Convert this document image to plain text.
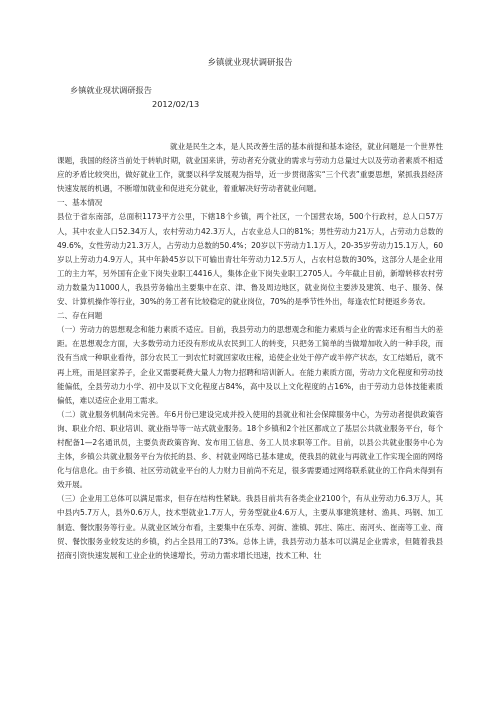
乡镇就业现状调研报告
乡镇就业现状调研报告
2012/02/13

就业是民生之本，是人民改善生活的基本前提和基本途径，就业问题是一个世界性课题，我国的经济当前处于转轨时期，就业国来讲，劳动者充分就业的需求与劳动力总量过大以及劳动者素质不相适应的矛盾比较突出，做好就业工作，就要以科学发展观为指导，近一步贯彻落实“三个代表”重要思想，紧抓我县经济快速发展的机遇，不断增加就业和促进充分就业，着重解决好劳动者就业问题。

一、基本情况

县位于省东南部，总面积1173平方公里，下辖18个乡镇，两个社区，一个国营农场，500个行政村，总人口57万人，其中农业人口52.34万人，农村劳动力42.3万人，占农业总人口的81%；男性劳动力21万人，占劳动力总数的49.6%，女性劳动力21.3万人，占劳动力总数的50.4%；20岁以下劳动力1.1万人，20-35岁劳动力15.1万人，60岁以上劳动力4.9万人，其中年龄45岁以下可输出青壮年劳动力12.5万人，占农村总数的30%，这部分人是企业用工的主力军，另外国有企业下岗失业职工4416人，集体企业下岗失业职工2705人。今年截止目前，新增转移农村劳动力数量为11000人，我县劳务输出主要集中在京、津、鲁及周边地区，就业岗位主要涉及建筑、电子、服务、保安、计算机操作等行业，30%的务工者有比较稳定的就业岗位，70%的是季节性外出，每逢农忙时便返乡务农。

二、存在问题

（一）劳动力的思想观念和能力素质不适应。目前，我县劳动力的思想观念和能力素质与企业的需求还有相当大的差距。在思想观念方面，大多数劳动力还没有形成从农民到工人的转变，只把务工简单的当做增加收入的一种手段，而没有当成一种职业看待，部分农民工一到农忙时就回家收庄稼，追使企业处于停产或半停产状态，女工结婚后，就不再上班，而是回家养子，企业又需要耗费大量人力物力招聘和培训新人。在能力素质方面，劳动力文化程度和劳动技能偏低，全县劳动力小学、初中及以下文化程度占84%，高中及以上文化程度的占16%，由于劳动力总体技能素质偏低，难以适应企业用工需求。

（二）就业服务机制尚未完善。年6月份已建设完成并投入使用的县就业和社会保障服务中心，为劳动者提供政策咨询、职业介绍、职业培训、就业指导等一站式就业服务。18个乡镇和2个社区都成立了基层公共就业服务平台，每个村配备1—2名通讯员，主要负责政策咨询、发布用工信息、务工人员求职等工作。目前，以县公共就业服务中心为主体，乡镇公共就业服务平台为依托的县、乡、村就业网络已基本建成，使我县的就业与再就业工作实现全面的网络化与信息化。由于乡镇、社区劳动就业平台的人力财力目前尚不充足，很多需要通过网络联系就业的工作尚未得到有效开展。

（三）企业用工总体可以满足需求，但存在结构性紧缺。我县目前共有各类企业2100个，有从业劳动力6.3万人，其中县内5.7万人，县外0.6万人，技术型就业1.7万人，劳务型就业4.6万人，主要从事建筑建材、渔具、玛钢、加工制造、餐饮服务等行业。从就业区域分布看，主要集中在乐寿、河街、淮镇、郭庄、陈庄、南河头、崔南等工业、商贸、餐饮服务业较发达的乡镇，约占全县用工的73%。总体上讲，我县劳动力基本可以满足企业需求，但随着我县招商引资快速发展和工业企业的快速增长，劳动力需求增长迅速，技术工种、壮
